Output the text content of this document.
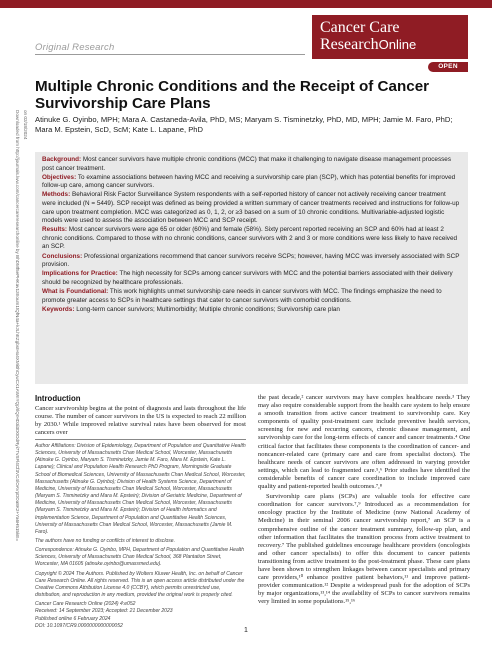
Original Research
Cancer Care
ResearchOnline
OPEN
Downloaded from http://journals.lww.com/cancercareresearchonline by BhDMf5ePHKav1zEoum1tQfN4a+kJLhEZgbsIHo4XMi0hCywCX1AWnYQp/IlQrHD3i3D0OdRyi7TvSFl4Cf3VC4/OAVpDDa8K2+Ya6H515kE= on 02/18/2024
Multiple Chronic Conditions and the Receipt of Cancer Survivorship Care Plans
Atinuke G. Oyinbo, MPH; Mara A. Castaneda-Avila, PhD, MS; Maryam S. Tisminetzky, PhD, MD, MPH; Jamie M. Faro, PhD; Mara M. Epstein, ScD, ScM; Kate L. Lapane, PhD

Background: Most cancer survivors have multiple chronic conditions (MCC) that make it challenging to navigate disease management processes post cancer treatment.

Objectives: To examine associations between having MCC and receiving a survivorship care plan (SCP), which has potential benefits for improved follow-up care, among cancer survivors.

Methods: Behavioral Risk Factor Surveillance System respondents with a self-reported history of cancer not actively receiving cancer treatment were included (N = 5449). SCP receipt was defined as being provided a written summary of cancer treatments received and instructions for follow-up care upon treatment completion. MCC was categorized as 0, 1, 2, or ≥3 based on a sum of 10 chronic conditions. Multivariable-adjusted logistic models were used to assess the association between MCC and SCP receipt.

Results: Most cancer survivors were age 65 or older (60%) and female (58%). Sixty percent reported receiving an SCP and 60% had at least 2 chronic conditions. Compared to those with no chronic conditions, cancer survivors with 2 and 3 or more conditions were less likely to have received an SCP.

Conclusions: Professional organizations recommend that cancer survivors receive SCPs; however, having MCC was inversely associated with SCP provision.

Implications for Practice: The high necessity for SCPs among cancer survivors with MCC and the potential barriers associated with their delivery should be recognized by healthcare professionals.

What is Foundational: This work highlights unmet survivorship care needs in cancer survivors with MCC. The findings emphasize the need to promote greater access to SCPs in healthcare settings that cater to cancer survivors with comorbid conditions.

Keywords: Long-term cancer survivors; Multimorbidity; Multiple chronic conditions; Survivorship care plan

Introduction

Cancer survivorship begins at the point of diagnosis and lasts throughout the life course. The number of cancer survivors in the US is expected to reach 22 million by 2030.¹ While improved relative survival rates have been observed for most cancers over

Author Affiliations: Division of Epidemiology, Department of Population and Quantitative Health Sciences, University of Massachusetts Chan Medical School, Worcester, Massachusetts (Atinuke G. Oyinbo, Maryam S. Tisminetzky, Jamie M. Faro, Mara M. Epstein, Kate L. Lapane); Clinical and Population Health Research PhD Program, Morningside Graduate School of Biomedical Sciences, University of Massachusetts Chan Medical School, Worcester, Massachusetts (Atinuke G. Oyinbo); Division of Health Systems Science, Department of Medicine, University of Massachusetts Chan Medical School, Worcester, Massachusetts (Maryam S. Tisminetzky and Mara M. Epstein); Division of Geriatric Medicine, Department of Medicine, University of Massachusetts Chan Medical School, Worcester, Massachusetts (Maryam S. Tisminetzky and Mara M. Epstein); Division of Health Informatics and Implementation Science, Department of Population and Quantitative Health Sciences, University of Massachusetts Chan Medical School, Worcester, Massachusetts (Jamie M. Faro).

The authors have no funding or conflicts of interest to disclose.

Correspondence: Atinuke G. Oyinbo, MPH, Department of Population and Quantitative Health Sciences, University of Massachusetts Chan Medical School, 368 Plantation Street, Worcester, MA 01605 (atinuke.oyinbo@umassmed.edu).

Copyright © 2024 The Authors. Published by Wolters Kluwer Health, Inc. on behalf of Cancer Care Research Online. All rights reserved. This is an open access article distributed under the Creative Commons Attribution License 4.0 (CCBY), which permits unrestricted use, distribution, and reproduction in any medium, provided the original work is properly cited.

Cancer Care Research Online (2024) 4:e052

Received: 14 September 2023; Accepted: 21 December 2023

Published online 6 February 2024

DOI: 10.1097/CR9.0000000000000052

the past decade,² cancer survivors may have complex healthcare needs.³ They may also require considerable support from the health care system to help ensure a smooth transition from active cancer treatment to survivorship care. Key components of quality post-treatment care include preventive health services, screening for new and recurring cancers, chronic disease management, and survivorship care for the long-term effects of cancer and cancer treatments.⁴ One critical factor that facilitates these components is the coordination of cancer- and noncancer-related care (primary care and care from specialist doctors). The healthcare needs of cancer survivors are often addressed in varying provider settings, which can lead to fragmented care.⁵,⁶ Prior studies have identified the considerable benefits of cancer care coordination to include improved care quality and patient-reported health outcomes.⁷,⁸

Survivorship care plans (SCPs) are valuable tools for effective care coordination for cancer survivors.⁷,⁹ Introduced as a recommendation for oncology practice by the Institute of Medicine (now National Academy of Medicine) in their seminal 2006 cancer survivorship report,⁷ an SCP is a comprehensive outline of the cancer treatment summary, follow-up plan, and other information that facilitates the transition process from active treatment to recovery.⁷ The published guidelines encourage healthcare providers (oncologists and other cancer specialists) to offer this document to cancer patients transitioning from active treatment to the post-treatment phase. These care plans have been shown to strengthen linkages between cancer specialists and primary care providers,¹⁰ enhance positive patient behaviors,¹¹ and improve patient-provider communication.¹² Despite a widespread push for the adoption of SCPs by major organizations,¹³,¹⁴ the availability of SCPs to cancer survivors remains very limited in some populations.¹⁵,¹⁶

1
